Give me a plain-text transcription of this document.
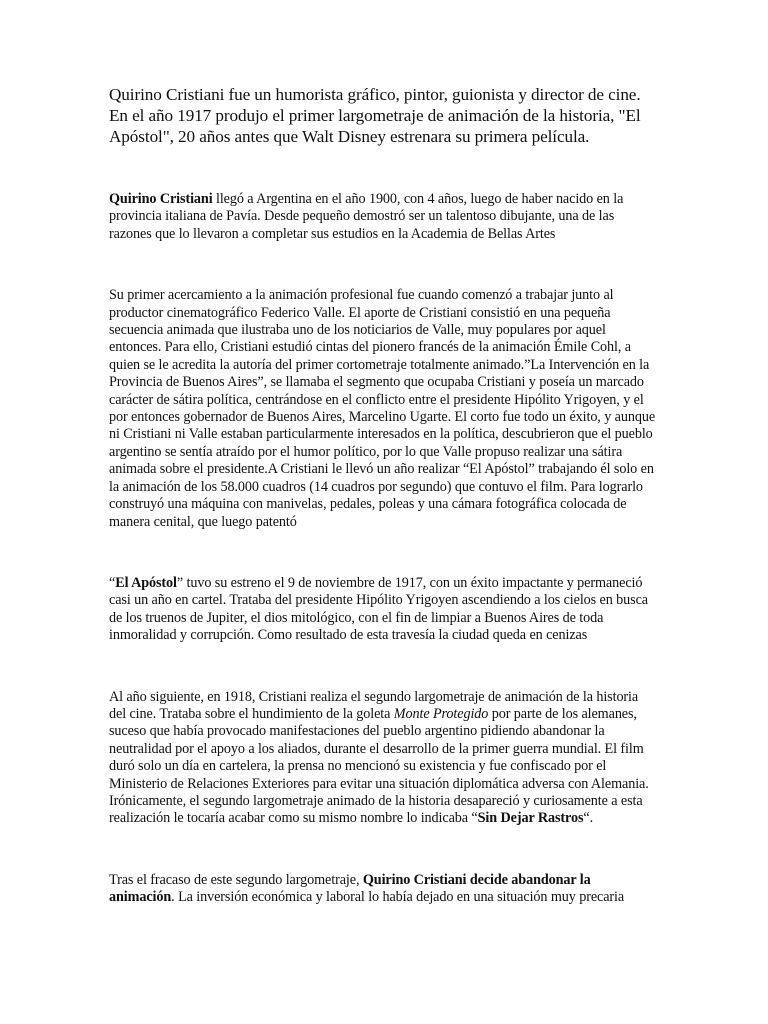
Quirino Cristiani fue un humorista gráfico, pintor, guionista y director de cine. En el año 1917 produjo el primer largometraje de animación de la historia, "El Apóstol", 20 años antes que Walt Disney estrenara su primera película.

Quirino Cristiani llegó a Argentina en el año 1900, con 4 años, luego de haber nacido en la provincia italiana de Pavía. Desde pequeño demostró ser un talentoso dibujante, una de las razones que lo llevaron a completar sus estudios en la Academia de Bellas Artes

Su primer acercamiento a la animación profesional fue cuando comenzó a trabajar junto al productor cinematográfico Federico Valle. El aporte de Cristiani consistió en una pequeña secuencia animada que ilustraba uno de los noticiarios de Valle, muy populares por aquel entonces. Para ello, Cristiani estudió cintas del pionero francés de la animación Émile Cohl, a quien se le acredita la autoría del primer cortometraje totalmente animado.”La Intervención en la Provincia de Buenos Aires”, se llamaba el segmento que ocupaba Cristiani y poseía un marcado carácter de sátira política, centrándose en el conflicto entre el presidente Hipólito Yrigoyen, y el por entonces gobernador de Buenos Aires, Marcelino Ugarte. El corto fue todo un éxito, y aunque ni Cristiani ni Valle estaban particularmente interesados en la política, descubrieron que el pueblo argentino se sentía atraído por el humor político, por lo que Valle propuso realizar una sátira animada sobre el presidente.A Cristiani le llevó un año realizar “El Apóstol” trabajando él solo en la animación de los 58.000 cuadros (14 cuadros por segundo) que contuvo el film. Para lograrlo construyó una máquina con manivelas, pedales, poleas y una cámara fotográfica colocada de manera cenital, que luego patentó

“El Apóstol” tuvo su estreno el 9 de noviembre de 1917, con un éxito impactante y permaneció casi un año en cartel. Trataba del presidente Hipólito Yrigoyen ascendiendo a los cielos en busca de los truenos de Jupiter, el dios mitológico, con el fin de limpiar a Buenos Aires de toda inmoralidad y corrupción. Como resultado de esta travesía la ciudad queda en cenizas

Al año siguiente, en 1918, Cristiani realiza el segundo largometraje de animación de la historia del cine. Trataba sobre el hundimiento de la goleta Monte Protegido por parte de los alemanes, suceso que había provocado manifestaciones del pueblo argentino pidiendo abandonar la neutralidad por el apoyo a los aliados, durante el desarrollo de la primer guerra mundial. El film duró solo un día en cartelera, la prensa no mencionó su existencia y fue confiscado por el Ministerio de Relaciones Exteriores para evitar una situación diplomática adversa con Alemania. Irónicamente, el segundo largometraje animado de la historia desapareció y curiosamente a esta realización le tocaría acabar como su mismo nombre lo indicaba “Sin Dejar Rastros“.

Tras el fracaso de este segundo largometraje, Quirino Cristiani decide abandonar la animación. La inversión económica y laboral lo había dejado en una situación muy precaria
